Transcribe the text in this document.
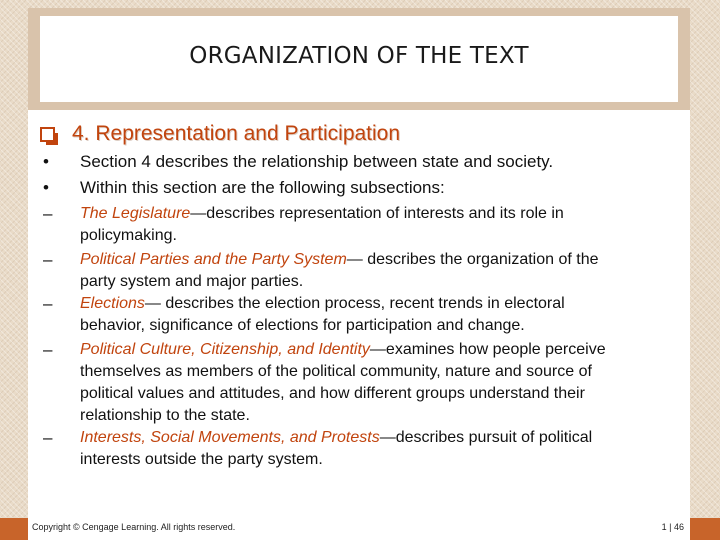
ORGANIZATION OF THE TEXT
4. Representation and Participation
• Section 4 describes the relationship between state and society.
• Within this section are the following subsections:
– The Legislature—describes representation of interests and its role in
policymaking.
– Political Parties and the Party System— describes the organization of the
party system and major parties.
– Elections— describes the election process, recent trends in electoral
behavior, significance of elections for participation and change.
– Political Culture, Citizenship, and Identity—examines how people perceive
themselves as members of the political community, nature and source of
political values and attitudes, and how different groups understand their
relationship to the state.
– Interests, Social Movements, and Protests—describes pursuit of political
interests outside the party system.
Copyright © Cengage Learning. All rights reserved.	1 | 46
